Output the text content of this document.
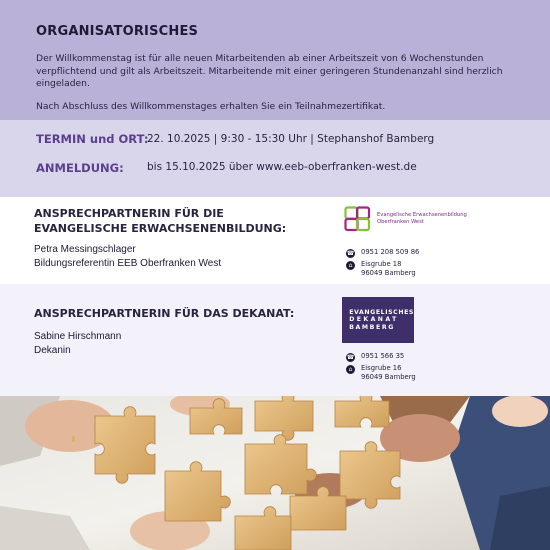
ORGANISATORISCHES

Der Willkommenstag ist für alle neuen Mitarbeitenden ab einer Arbeitszeit von 6 Wochenstunden verpflichtend und gilt als Arbeitszeit. Mitarbeitende mit einer geringeren Stundenanzahl sind herzlich eingeladen.

Nach Abschluss des Willkommenstages erhalten Sie ein Teilnahmezertifikat.

TERMIN und ORT:
22. 10.2025 | 9:30 - 15:30 Uhr | Stephanshof Bamberg
ANMELDUNG: bis 15.10.2025 über www.eeb-oberfranken-west.de
ANSPRECHPARTNERIN FÜR DIE
EVANGELISCHE ERWACHSENENBILDUNG:
Petra Messingschlager
Bildungsreferentin EEB Oberfranken West
Evangelische Erwachsenenbildung
Oberfranken West
☎ 0951 208 509 86
⌂	Eisgrube 18
96049 Bamberg
ANSPRECHPARTNERIN FÜR DAS DEKANAT:
Sabine Hirschmann
Dekanin
EVANGELISCHES
DEKANAT
BAMBERG
☎ 0951 566 35
⌂	Eisgrube 16
96049 Bamberg
